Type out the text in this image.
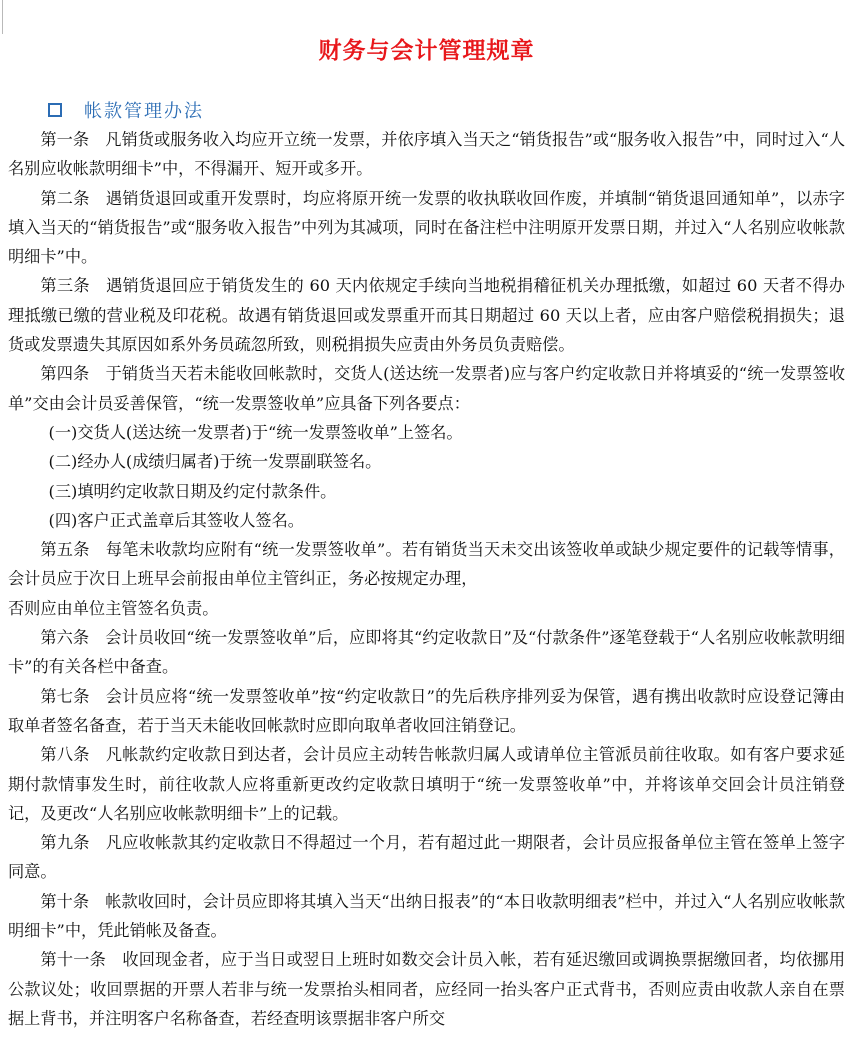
财务与会计管理规章
帐款管理办法

第一条 凡销货或服务收入均应开立统一发票，并依序填入当天之“销货报告”或“服务收入报告”中，同时过入“人名别应收帐款明细卡”中，不得漏开、短开或多开。

第二条 遇销货退回或重开发票时，均应将原开统一发票的收执联收回作废，并填制“销货退回通知单”，以赤字填入当天的“销货报告”或“服务收入报告”中列为其减项，同时在备注栏中注明原开发票日期，并过入“人名别应收帐款明细卡”中。

第三条 遇销货退回应于销货发生的 60 天内依规定手续向当地税捐稽征机关办理抵缴，如超过 60 天者不得办理抵缴已缴的营业税及印花税。故遇有销货退回或发票重开而其日期超过 60 天以上者，应由客户赔偿税捐损失；退货或发票遗失其原因如系外务员疏忽所致，则税捐损失应责由外务员负责赔偿。

第四条 于销货当天若未能收回帐款时，交货人(送达统一发票者)应与客户约定收款日并将填妥的“统一发票签收单”交由会计员妥善保管，“统一发票签收单”应具备下列各要点：

(一)交货人(送达统一发票者)于“统一发票签收单”上签名。

(二)经办人(成绩归属者)于统一发票副联签名。

(三)填明约定收款日期及约定付款条件。

(四)客户正式盖章后其签收人签名。

第五条 每笔未收款均应附有“统一发票签收单”。若有销货当天未交出该签收单或缺少规定要件的记载等情事，会计员应于次日上班早会前报由单位主管纠正，务必按规定办理，

否则应由单位主管签名负责。

第六条 会计员收回“统一发票签收单”后，应即将其“约定收款日”及“付款条件”逐笔登载于“人名别应收帐款明细卡”的有关各栏中备查。

第七条 会计员应将“统一发票签收单”按“约定收款日”的先后秩序排列妥为保管，遇有携出收款时应设登记簿由取单者签名备查，若于当天未能收回帐款时应即向取单者收回注销登记。

第八条 凡帐款约定收款日到达者，会计员应主动转告帐款归属人或请单位主管派员前往收取。如有客户要求延期付款情事发生时，前往收款人应将重新更改约定收款日填明于“统一发票签收单”中，并将该单交回会计员注销登记，及更改“人名别应收帐款明细卡”上的记载。

第九条 凡应收帐款其约定收款日不得超过一个月，若有超过此一期限者，会计员应报备单位主管在签单上签字同意。

第十条 帐款收回时，会计员应即将其填入当天“出纳日报表”的“本日收款明细表”栏中，并过入“人名别应收帐款明细卡”中，凭此销帐及备查。

第十一条 收回现金者，应于当日或翌日上班时如数交会计员入帐，若有延迟缴回或调换票据缴回者，均依挪用公款议处；收回票据的开票人若非与统一发票抬头相同者，应经同一抬头客户正式背书，否则应责由收款人亲自在票据上背书，并注明客户名称备查，若经查明该票据非客户所交
